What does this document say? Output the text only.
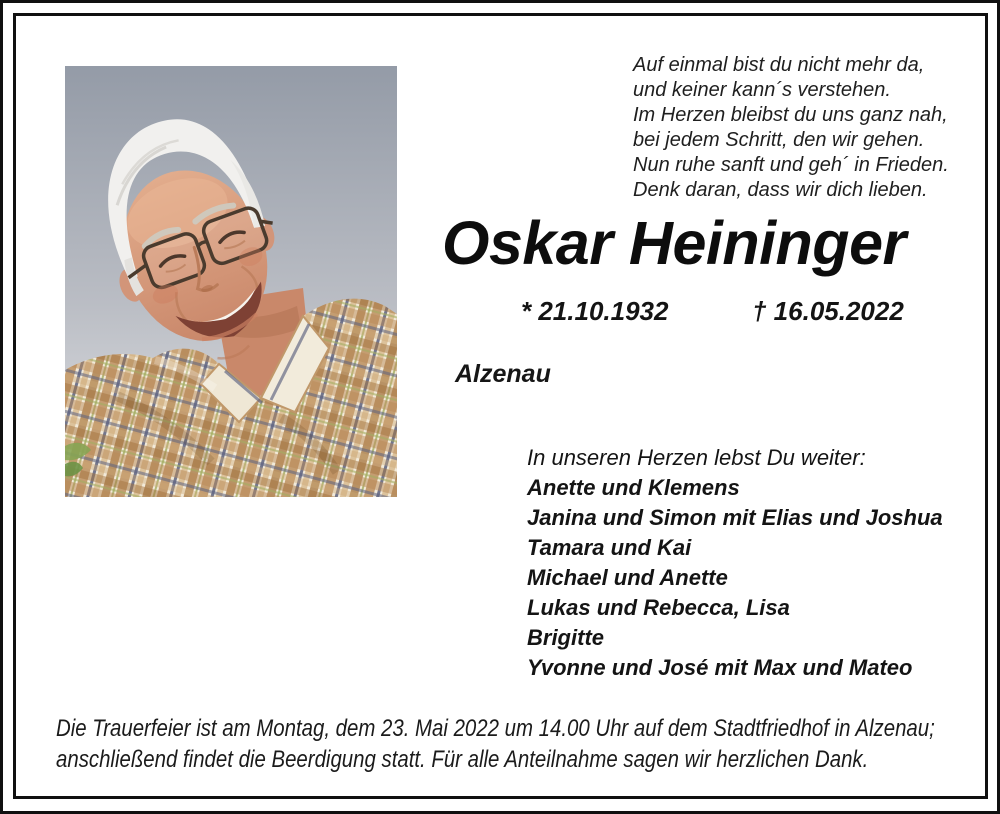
Auf einmal bist du nicht mehr da,
und keiner kann´s verstehen.
Im Herzen bleibst du uns ganz nah,
bei jedem Schritt, den wir gehen.
Nun ruhe sanft und geh´ in Frieden.
Denk daran, dass wir dich lieben.
Oskar Heininger
* 21.10.1932	† 16.05.2022
Alzenau
In unseren Herzen lebst Du weiter:
Anette und Klemens
Janina und Simon mit Elias und Joshua
Tamara und Kai
Michael und Anette
Lukas und Rebecca, Lisa
Brigitte
Yvonne und José mit Max und Mateo
Die Trauerfeier ist am Montag, dem 23. Mai 2022 um 14.00 Uhr auf dem Stadtfriedhof in Alzenau;
anschließend findet die Beerdigung statt. Für alle Anteilnahme sagen wir herzlichen Dank.
